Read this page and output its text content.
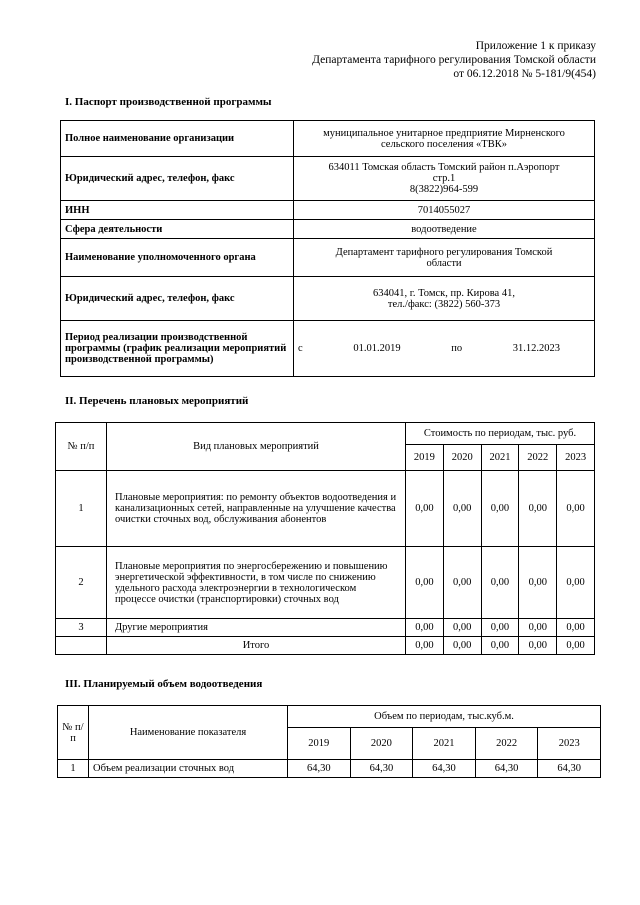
Приложение 1 к приказу
Департамента тарифного регулирования Томской области
от 06.12.2018 № 5-181/9(454)
I. Паспорт производственной программы
Полное наименование организации	муниципальное унитарное предприятие Мирненского
сельского поселения «ТВК»

Юридический адрес, телефон, факс	634011 Томская область Томский район п.Аэропорт
стр.1
8(3822)964-599

ИНН	7014055027
Сфера деятельности	водоотведение
Наименование уполномоченного органа	Департамент тарифного регулирования Томской
области

Юридический адрес, телефон, факс	634041, г. Томск, пр. Кирова 41,
тел./факс: (3822) 560-373

Период реализации производственной программы (график реализации мероприятий производственной программы)	с 01.01.2019 по 31.12.2023
II. Перечень плановых мероприятий
№ п/п	Вид плановых мероприятий	Стоимость по периодам, тыс. руб.				
		2019	2020	2021	2022	2023
1	Плановые мероприятия: по ремонту объектов водоотведения и канализационных сетей, направленные на улучшение качества очистки сточных вод, обслуживания абонентов	0,00	0,00	0,00	0,00	0,00
2	Плановые мероприятия по энергосбережению и повышению энергетической эффективности, в том числе по снижению удельного расхода электроэнергии в технологическом процессе очистки (транспортировки) сточных вод	0,00	0,00	0,00	0,00	0,00
3	Другие мероприятия	0,00	0,00	0,00	0,00	0,00
	Итого	0,00	0,00	0,00	0,00	0,00
III. Планируемый объем водоотведения
№ п/п	Наименование показателя	Объем по периодам, тыс.куб.м.				
		2019	2020	2021	2022	2023
1	Объем реализации сточных вод	64,30	64,30	64,30	64,30	64,30
